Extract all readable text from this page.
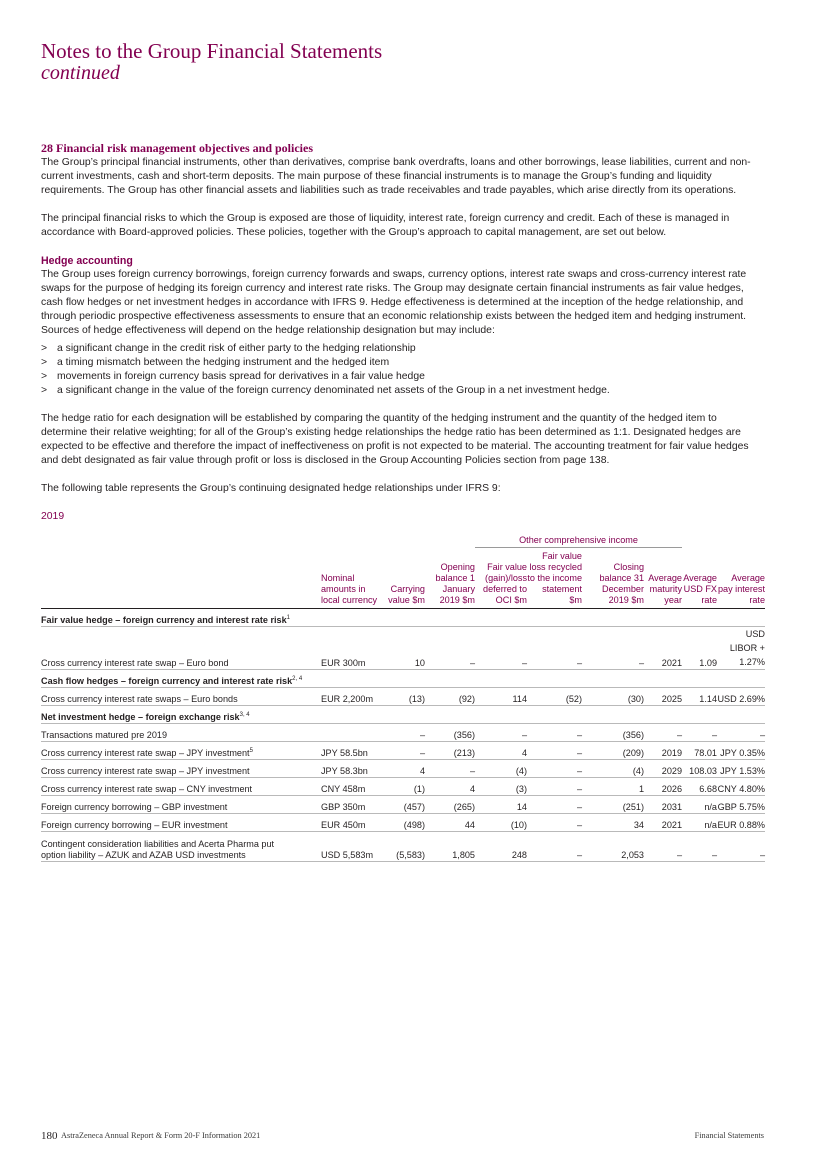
Notes to the Group Financial Statements
continued
28 Financial risk management objectives and policies

The Group’s principal financial instruments, other than derivatives, comprise bank overdrafts, loans and other borrowings, lease liabilities, current and non-current investments, cash and short-term deposits. The main purpose of these financial instruments is to manage the Group’s funding and liquidity requirements. The Group has other financial assets and liabilities such as trade receivables and trade payables, which arise directly from its operations.

The principal financial risks to which the Group is exposed are those of liquidity, interest rate, foreign currency and credit. Each of these is managed in accordance with Board-approved policies. These policies, together with the Group’s approach to capital management, are set out below.

Hedge accounting

The Group uses foreign currency borrowings, foreign currency forwards and swaps, currency options, interest rate swaps and cross-currency interest rate swaps for the purpose of hedging its foreign currency and interest rate risks. The Group may designate certain financial instruments as fair value hedges, cash flow hedges or net investment hedges in accordance with IFRS 9. Hedge effectiveness is determined at the inception of the hedge relationship, and through periodic prospective effectiveness assessments to ensure that an economic relationship exists between the hedged item and hedging instrument. Sources of hedge effectiveness will depend on the hedge relationship designation but may include:

> a significant change in the credit risk of either party to the hedging relationship
> a timing mismatch between the hedging instrument and the hedged item
> movements in foreign currency basis spread for derivatives in a fair value hedge
> a significant change in the value of the foreign currency denominated net assets of the Group in a net investment hedge.

The hedge ratio for each designation will be established by comparing the quantity of the hedging instrument and the quantity of the hedged item to determine their relative weighting; for all of the Group’s existing hedge relationships the hedge ratio has been determined as 1:1. Designated hedges are expected to be effective and therefore the impact of ineffectiveness on profit is not expected to be material. The accounting treatment for fair value hedges and debt designated as fair value through profit or loss is disclosed in the Group Accounting Policies section from page 138.

The following table represents the Group’s continuing designated hedge relationships under IFRS 9:

2019
				Other comprehensive income					
	Nominal amounts in local currency	Carrying value $m	Opening balance 1 January 2019 $m	Fair value (gain)/loss deferred to OCI $m	Fair value loss recycled to the income statement $m	Closing balance 31 December 2019 $m	Average maturity year	Average USD FX rate	Average pay interest rate
Fair value hedge – foreign currency and interest rate risk$^1$
Cross currency interest rate swap – Euro bond	EUR 300m	10	–	–	–	–	2021	1.09	USD LIBOR + 1.27%
Cash flow hedges – foreign currency and interest rate risk$^{2, 4}$
Cross currency interest rate swaps – Euro bonds	EUR 2,200m	(13)	(92)	114	(52)	(30)	2025	1.14	USD 2.69%
Net investment hedge – foreign exchange risk$^{3, 4}$
Transactions matured pre 2019		–	(356)	–	–	(356)	–	–	–
Cross currency interest rate swap – JPY investment$^5$	JPY 58.5bn	–	(213)	4	–	(209)	2019	78.01	JPY 0.35%
Cross currency interest rate swap – JPY investment	JPY 58.3bn	4	–	(4)	–	(4)	2029	108.03	JPY 1.53%
Cross currency interest rate swap – CNY investment	CNY 458m	(1)	4	(3)	–	1	2026	6.68	CNY 4.80%
Foreign currency borrowing – GBP investment	GBP 350m	(457)	(265)	14	–	(251)	2031	n/a	GBP 5.75%
Foreign currency borrowing – EUR investment	EUR 450m	(498)	44	(10)	–	34	2021	n/a	EUR 0.88%

Contingent consideration liabilities and Acerta Pharma put option liability – AZUK and AZAB USD investments	USD 5,583m	(5,583)	1,805	248	–	2,053	–	–	–
180 AstraZeneca Annual Report & Form 20-F Information 2021	Financial Statements
